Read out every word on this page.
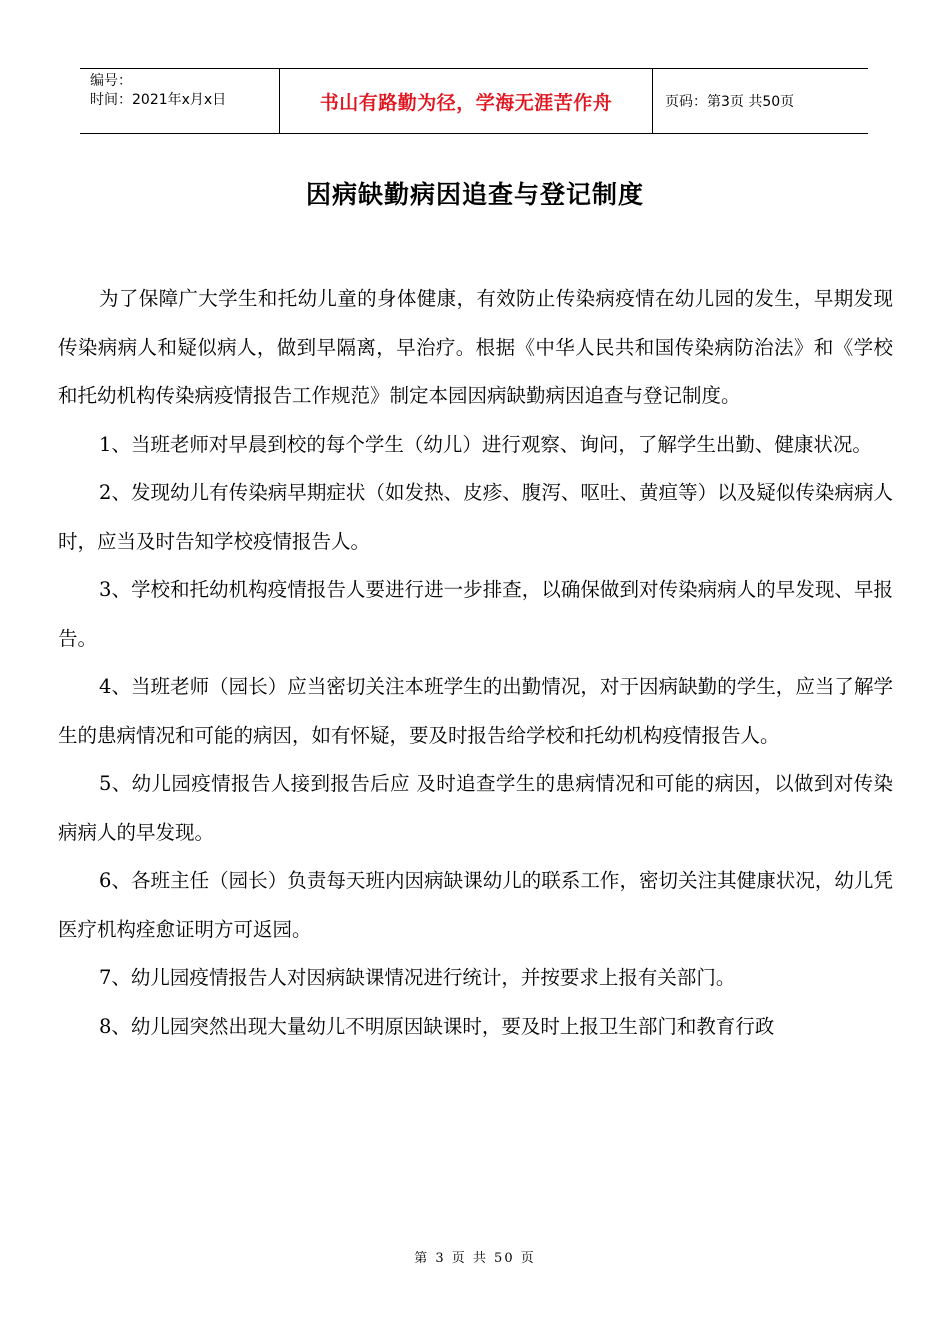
编号：
时间：2021年x月x日	书山有路勤为径，学海无涯苦作舟	页码：第3页 共50页
因病缺勤病因追查与登记制度

为了保障广大学生和托幼儿童的身体健康，有效防止传染病疫情在幼儿园的发生，早期发现传染病病人和疑似病人，做到早隔离，早治疗。根据《中华人民共和国传染病防治法》和《学校和托幼机构传染病疫情报告工作规范》制定本园因病缺勤病因追查与登记制度。

1、当班老师对早晨到校的每个学生（幼儿）进行观察、询问，了解学生出勤、健康状况。

2、发现幼儿有传染病早期症状（如发热、皮疹、腹泻、呕吐、黄疸等）以及疑似传染病病人时，应当及时告知学校疫情报告人。

3、学校和托幼机构疫情报告人要进行进一步排查，以确保做到对传染病病人的早发现、早报告。

4、当班老师（园长）应当密切关注本班学生的出勤情况，对于因病缺勤的学生，应当了解学生的患病情况和可能的病因，如有怀疑，要及时报告给学校和托幼机构疫情报告人。

5、幼儿园疫情报告人接到报告后应 及时追查学生的患病情况和可能的病因，以做到对传染病病人的早发现。

6、各班主任（园长）负责每天班内因病缺课幼儿的联系工作，密切关注其健康状况，幼儿凭医疗机构痊愈证明方可返园。

7、幼儿园疫情报告人对因病缺课情况进行统计，并按要求上报有关部门。

8、幼儿园突然出现大量幼儿不明原因缺课时，要及时上报卫生部门和教育行政

第 3 页 共 50 页
